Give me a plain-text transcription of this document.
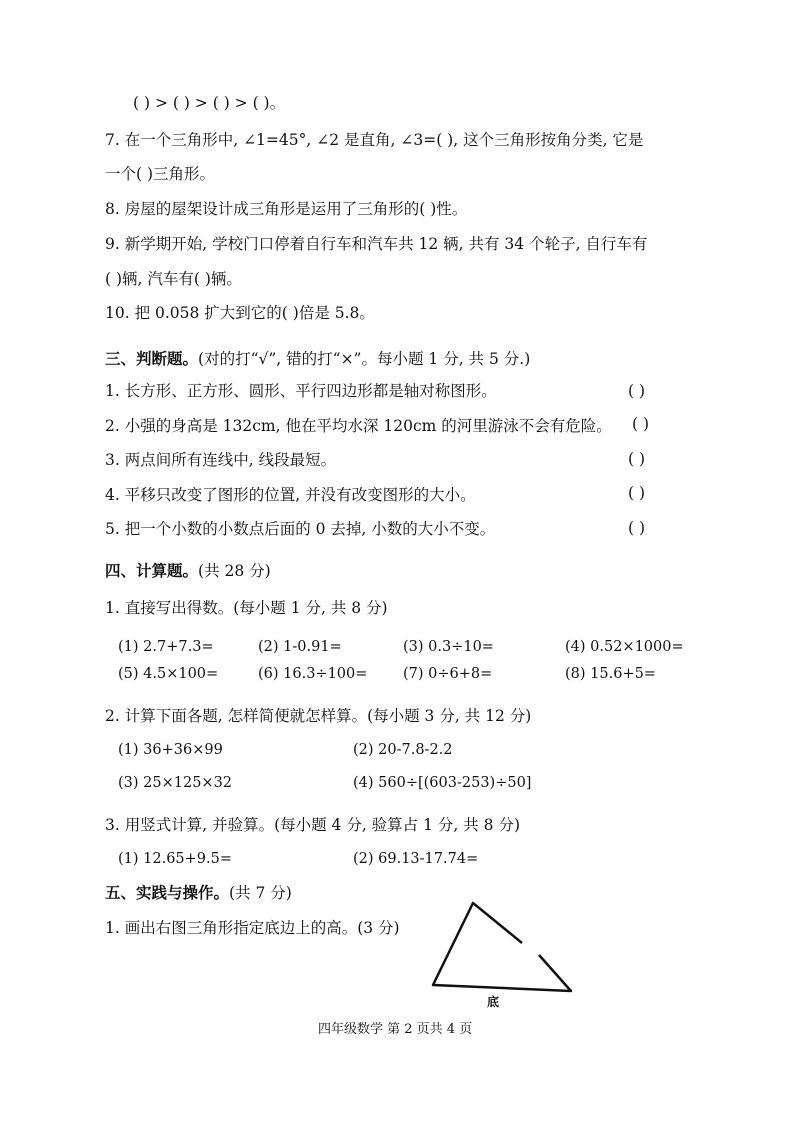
( ) > ( ) > ( ) > ( )。
7. 在一个三角形中, ∠1=45°, ∠2 是直角, ∠3=( ), 这个三角形按角分类, 它是
一个( )三角形。
8. 房屋的屋架设计成三角形是运用了三角形的( )性。
9. 新学期开始, 学校门口停着自行车和汽车共 12 辆, 共有 34 个轮子, 自行车有
( )辆, 汽车有( )辆。
10. 把 0.058 扩大到它的( )倍是 5.8。
三、判断题。(对的打“√”, 错的打“×”。每小题 1 分, 共 5 分.)
1. 长方形、正方形、圆形、平行四边形都是轴对称图形。	( )
2. 小强的身高是 132cm, 他在平均水深 120cm 的河里游泳不会有危险。 ( )
3. 两点间所有连线中, 线段最短。	( )
4. 平移只改变了图形的位置, 并没有改变图形的大小。	( )
5. 把一个小数的小数点后面的 0 去掉, 小数的大小不变。	( )
四、计算题。(共 28 分)
1. 直接写出得数。(每小题 1 分, 共 8 分)
(1) 2.7+7.3=	(2) 1-0.91=	(3) 0.3÷10=	(4) 0.52×1000=
(5) 4.5×100=	(6) 16.3÷100= (7) 0÷6+8=	(8) 15.6+5=
2. 计算下面各题, 怎样简便就怎样算。(每小题 3 分, 共 12 分)
(1) 36+36×99	(2) 20-7.8-2.2
(3) 25×125×32	(4) 560÷[(603-253)÷50]
3. 用竖式计算, 并验算。(每小题 4 分, 验算占 1 分, 共 8 分)
(1) 12.65+9.5=	(2) 69.13-17.74=
五、实践与操作。(共 7 分)
1. 画出右图三角形指定底边上的高。(3 分)
底
四年级数学 第 2 页共 4 页
